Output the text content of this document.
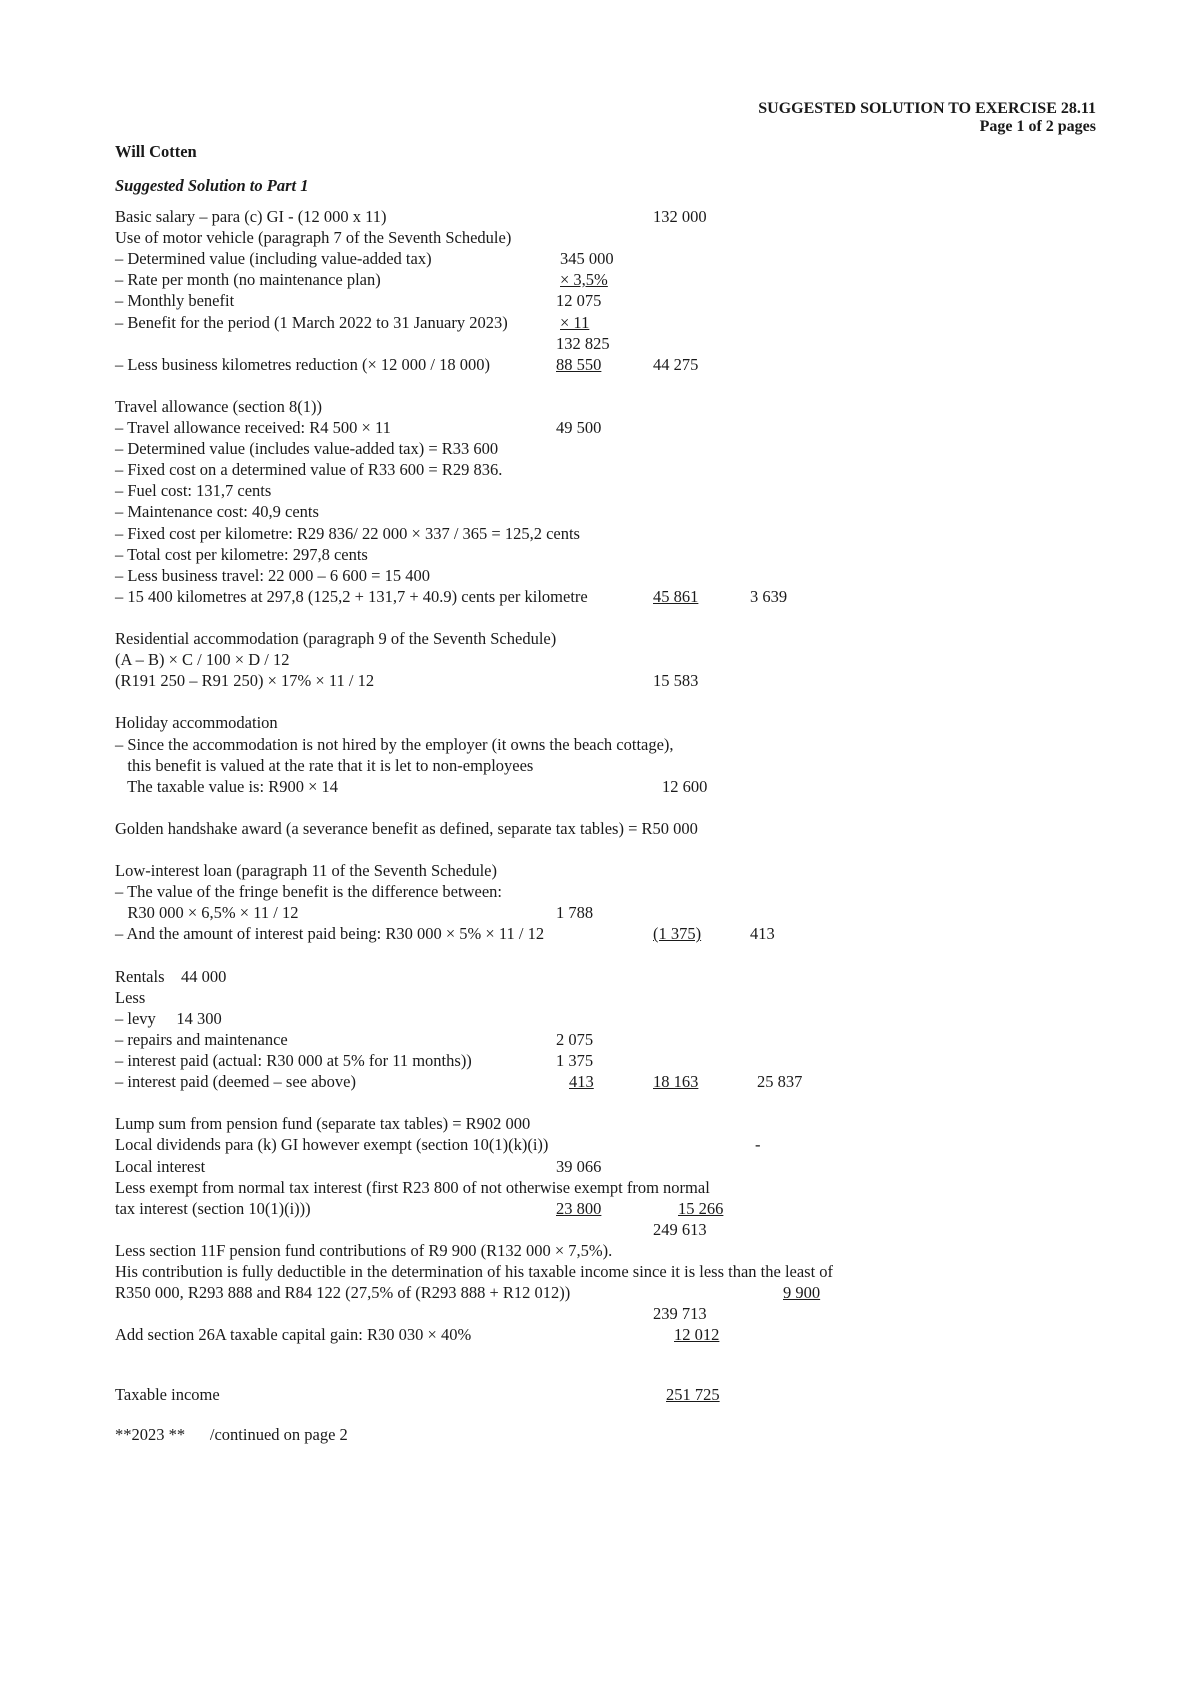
SUGGESTED SOLUTION TO EXERCISE 28.11
Page 1 of 2 pages
Will Cotten
Suggested Solution to Part 1
Basic salary – para (c) GI - (12 000 x 11)	132 000
Use of motor vehicle (paragraph 7 of the Seventh Schedule)
– Determined value (including value-added tax)	345 000
– Rate per month (no maintenance plan)	× 3,5%
– Monthly benefit	12 075
– Benefit for the period (1 March 2022 to 31 January 2023)	× 11
132 825
– Less business kilometres reduction (× 12 000 / 18 000)	88 550	44 275
Travel allowance (section 8(1))
– Travel allowance received: R4 500 × 11	49 500
– Determined value (includes value-added tax) = R33 600
– Fixed cost on a determined value of R33 600 = R29 836.
– Fuel cost: 131,7 cents
– Maintenance cost: 40,9 cents
– Fixed cost per kilometre: R29 836/ 22 000 × 337 / 365 = 125,2 cents
– Total cost per kilometre: 297,8 cents
– Less business travel: 22 000 – 6 600 = 15 400
– 15 400 kilometres at 297,8 (125,2 + 131,7 + 40.9) cents per kilometre	45 861	3 639
Residential accommodation (paragraph 9 of the Seventh Schedule)
(A – B) × C / 100 × D / 12
(R191 250 – R91 250) × 17% × 11 / 12	15 583
Holiday accommodation
– Since the accommodation is not hired by the employer (it owns the beach cottage),
this benefit is valued at the rate that it is let to non-employees
The taxable value is: R900 × 14	12 600
Golden handshake award (a severance benefit as defined, separate tax tables) = R50 000
Low-interest loan (paragraph 11 of the Seventh Schedule)
– The value of the fringe benefit is the difference between:
R30 000 × 6,5% × 11 / 12	1 788
– And the amount of interest paid being: R30 000 × 5% × 11 / 12	(1 375)	413
Rentals    44 000
Less
– levy     14 300
– repairs and maintenance	2 075
– interest paid (actual: R30 000 at 5% for 11 months))	1 375
– interest paid (deemed – see above)	413	18 163	25 837
Lump sum from pension fund (separate tax tables) = R902 000
Local dividends para (k) GI however exempt (section 10(1)(k)(i))	-
Local interest	39 066
Less exempt from normal tax interest (first R23 800 of not otherwise exempt from normal
tax interest (section 10(1)(i)))	23 800	15 266
249 613
Less section 11F pension fund contributions of R9 900 (R132 000 × 7,5%).
His contribution is fully deductible in the determination of his taxable income since it is less than the least of
R350 000, R293 888 and R84 122 (27,5% of (R293 888 + R12 012))	9 900
239 713
Add section 26A taxable capital gain: R30 030 × 40%	12 012
Taxable income	251 725
**2023 **      /continued on page 2
